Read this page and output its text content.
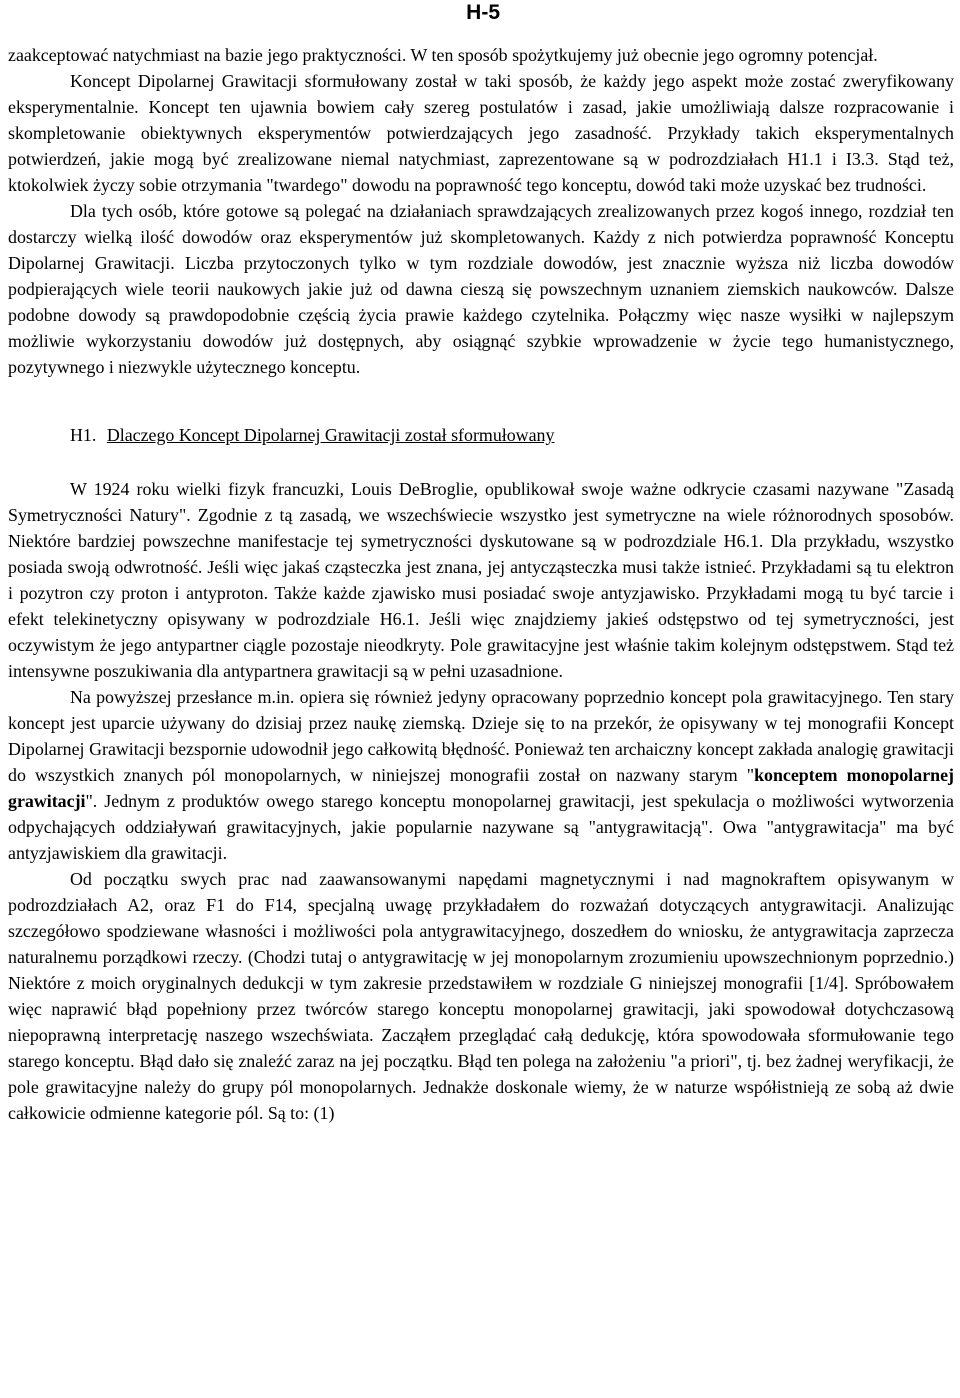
H-5

zaakceptować natychmiast na bazie jego praktyczności. W ten sposób spożytkujemy już obecnie jego ogromny potencjał.

Koncept Dipolarnej Grawitacji sformułowany został w taki sposób, że każdy jego aspekt może zostać zweryfikowany eksperymentalnie. Koncept ten ujawnia bowiem cały szereg postulatów i zasad, jakie umożliwiają dalsze rozpracowanie i skompletowanie obiektywnych eksperymentów potwierdzających jego zasadność. Przykłady takich eksperymentalnych potwierdzeń, jakie mogą być zrealizowane niemal natychmiast, zaprezentowane są w podrozdziałach H1.1 i I3.3. Stąd też, ktokolwiek życzy sobie otrzymania "twardego" dowodu na poprawność tego konceptu, dowód taki może uzyskać bez trudności.

Dla tych osób, które gotowe są polegać na działaniach sprawdzających zrealizowanych przez kogoś innego, rozdział ten dostarczy wielką ilość dowodów oraz eksperymentów już skompletowanych. Każdy z nich potwierdza poprawność Konceptu Dipolarnej Grawitacji. Liczba przytoczonych tylko w tym rozdziale dowodów, jest znacznie wyższa niż liczba dowodów podpierających wiele teorii naukowych jakie już od dawna cieszą się powszechnym uznaniem ziemskich naukowców. Dalsze podobne dowody są prawdopodobnie częścią życia prawie każdego czytelnika. Połączmy więc nasze wysiłki w najlepszym możliwie wykorzystaniu dowodów już dostępnych, aby osiągnąć szybkie wprowadzenie w życie tego humanistycznego, pozytywnego i niezwykle użytecznego konceptu.

H1. Dlaczego Koncept Dipolarnej Grawitacji został sformułowany

W 1924 roku wielki fizyk francuzki, Louis DeBroglie, opublikował swoje ważne odkrycie czasami nazywane "Zasadą Symetryczności Natury". Zgodnie z tą zasadą, we wszechświecie wszystko jest symetryczne na wiele różnorodnych sposobów. Niektóre bardziej powszechne manifestacje tej symetryczności dyskutowane są w podrozdziale H6.1. Dla przykładu, wszystko posiada swoją odwrotność. Jeśli więc jakaś cząsteczka jest znana, jej antycząsteczka musi także istnieć. Przykładami są tu elektron i pozytron czy proton i antyproton. Także każde zjawisko musi posiadać swoje antyzjawisko. Przykładami mogą tu być tarcie i efekt telekinetyczny opisywany w podrozdziale H6.1. Jeśli więc znajdziemy jakieś odstępstwo od tej symetryczności, jest oczywistym że jego antypartner ciągle pozostaje nieodkryty. Pole grawitacyjne jest właśnie takim kolejnym odstępstwem. Stąd też intensywne poszukiwania dla antypartnera grawitacji są w pełni uzasadnione.

Na powyższej przesłance m.in. opiera się również jedyny opracowany poprzednio koncept pola grawitacyjnego. Ten stary koncept jest uparcie używany do dzisiaj przez naukę ziemską. Dzieje się to na przekór, że opisywany w tej monografii Koncept Dipolarnej Grawitacji bezspornie udowodnił jego całkowitą błędność. Ponieważ ten archaiczny koncept zakłada analogię grawitacji do wszystkich znanych pól monopolarnych, w niniejszej monografii został on nazwany starym "konceptem monopolarnej grawitacji". Jednym z produktów owego starego konceptu monopolarnej grawitacji, jest spekulacja o możliwości wytworzenia odpychających oddziaływań grawitacyjnych, jakie popularnie nazywane są "antygrawitacją". Owa "antygrawitacja" ma być antyzjawiskiem dla grawitacji.

Od początku swych prac nad zaawansowanymi napędami magnetycznymi i nad magnokraftem opisywanym w podrozdziałach A2, oraz F1 do F14, specjalną uwagę przykładałem do rozważań dotyczących antygrawitacji. Analizując szczegółowo spodziewane własności i możliwości pola antygrawitacyjnego, doszedłem do wniosku, że antygrawitacja zaprzecza naturalnemu porządkowi rzeczy. (Chodzi tutaj o antygrawitację w jej monopolarnym zrozumieniu upowszechnionym poprzednio.) Niektóre z moich oryginalnych dedukcji w tym zakresie przedstawiłem w rozdziale G niniejszej monografii [1/4]. Spróbowałem więc naprawić błąd popełniony przez twórców starego konceptu monopolarnej grawitacji, jaki spowodował dotychczasową niepoprawną interpretację naszego wszechświata. Zacząłem przeglądać całą dedukcję, która spowodowała sformułowanie tego starego konceptu. Błąd dało się znaleźć zaraz na jej początku. Błąd ten polega na założeniu "a priori", tj. bez żadnej weryfikacji, że pole grawitacyjne należy do grupy pól monopolarnych. Jednakże doskonale wiemy, że w naturze współistnieją ze sobą aż dwie całkowicie odmienne kategorie pól. Są to: (1)
